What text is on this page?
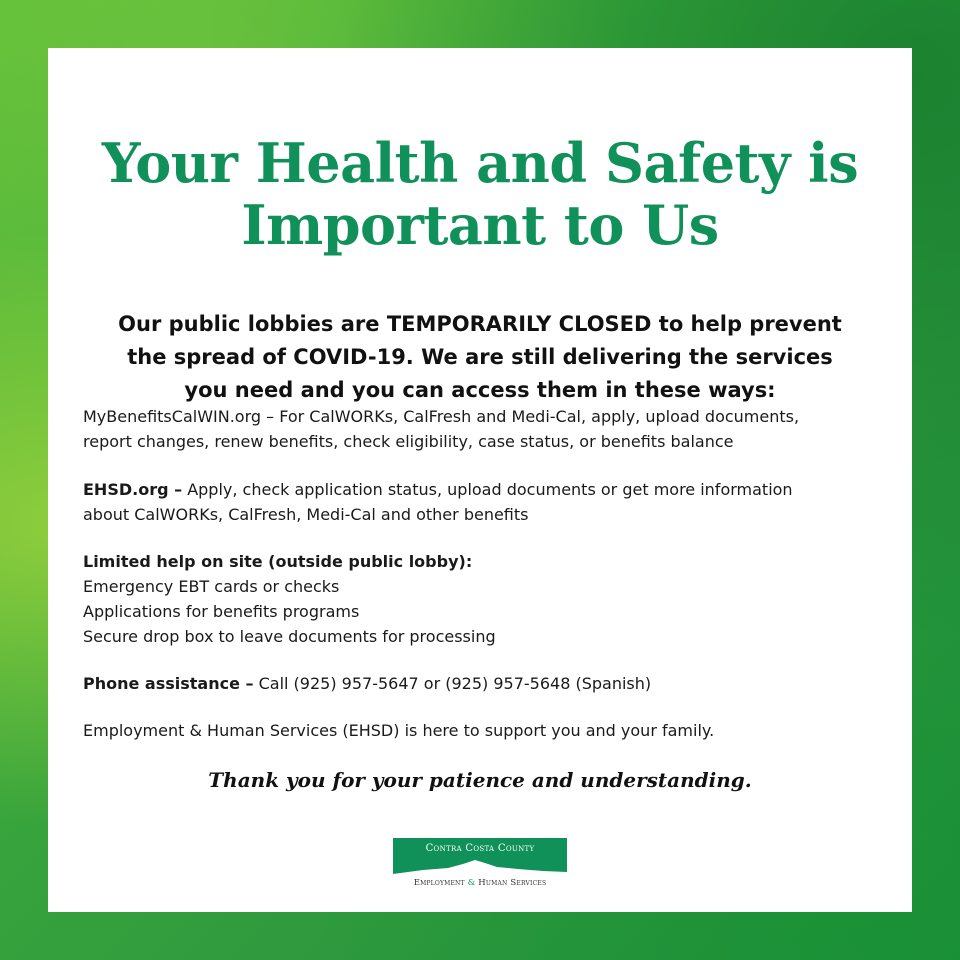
Your Health and Safety is
Important to Us
Our public lobbies are TEMPORARILY CLOSED to help prevent
the spread of COVID-19. We are still delivering the services
you need and you can access them in these ways:
MyBenefitsCalWIN.org – For CalWORKs, CalFresh and Medi-Cal, apply, upload documents,
report changes, renew benefits, check eligibility, case status, or benefits balance
EHSD.org – Apply, check application status, upload documents or get more information
about CalWORKs, CalFresh, Medi-Cal and other benefits
Limited help on site (outside public lobby):
Emergency EBT cards or checks
Applications for benefits programs
Secure drop box to leave documents for processing
Phone assistance – Call (925) 957-5647 or (925) 957-5648 (Spanish)
Employment & Human Services (EHSD) is here to support you and your family.
Thank you for your patience and understanding.
Contra Costa County
Employment & Human Services
